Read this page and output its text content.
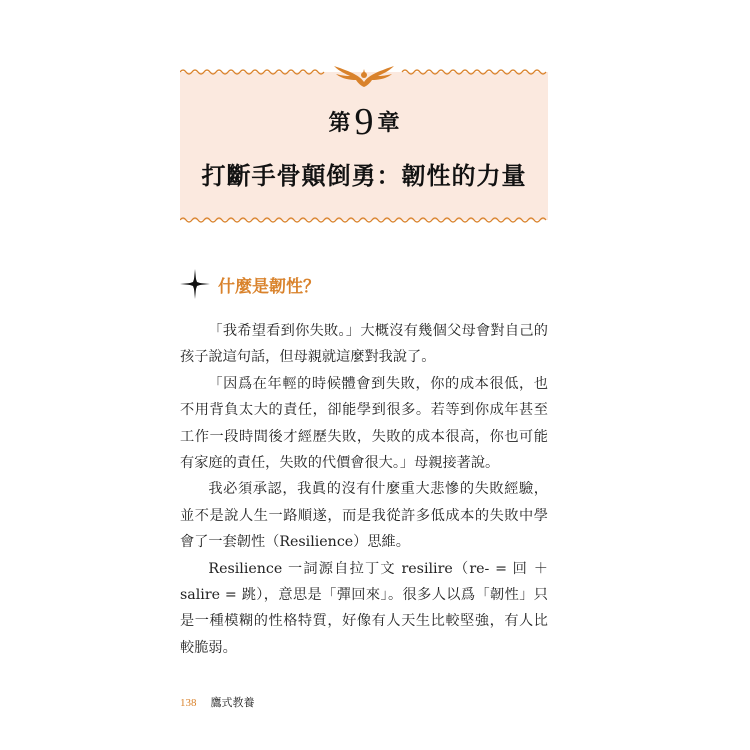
第 9 章
打斷手骨顛倒勇：韌性的力量
什麼是韌性？

「我希望看到你失敗。」大概沒有幾個父母會對自己的孩子說這句話，但母親就這麼對我說了。

「因爲在年輕的時候體會到失敗，你的成本很低，也不用背負太大的責任，卻能學到很多。若等到你成年甚至工作一段時間後才經歷失敗，失敗的成本很高，你也可能有家庭的責任，失敗的代價會很大。」母親接著說。

我必須承認，我眞的沒有什麼重大悲慘的失敗經驗，並不是說人生一路順遂，而是我從許多低成本的失敗中學會了一套韌性（Resilience）思維。

Resilience 一詞源自拉丁文 resilire（re- = 回 ＋ salire = 跳），意思是「彈回來」。很多人以爲「韌性」只是一種模糊的性格特質，好像有人天生比較堅強，有人比較脆弱。

138 鷹式教養
